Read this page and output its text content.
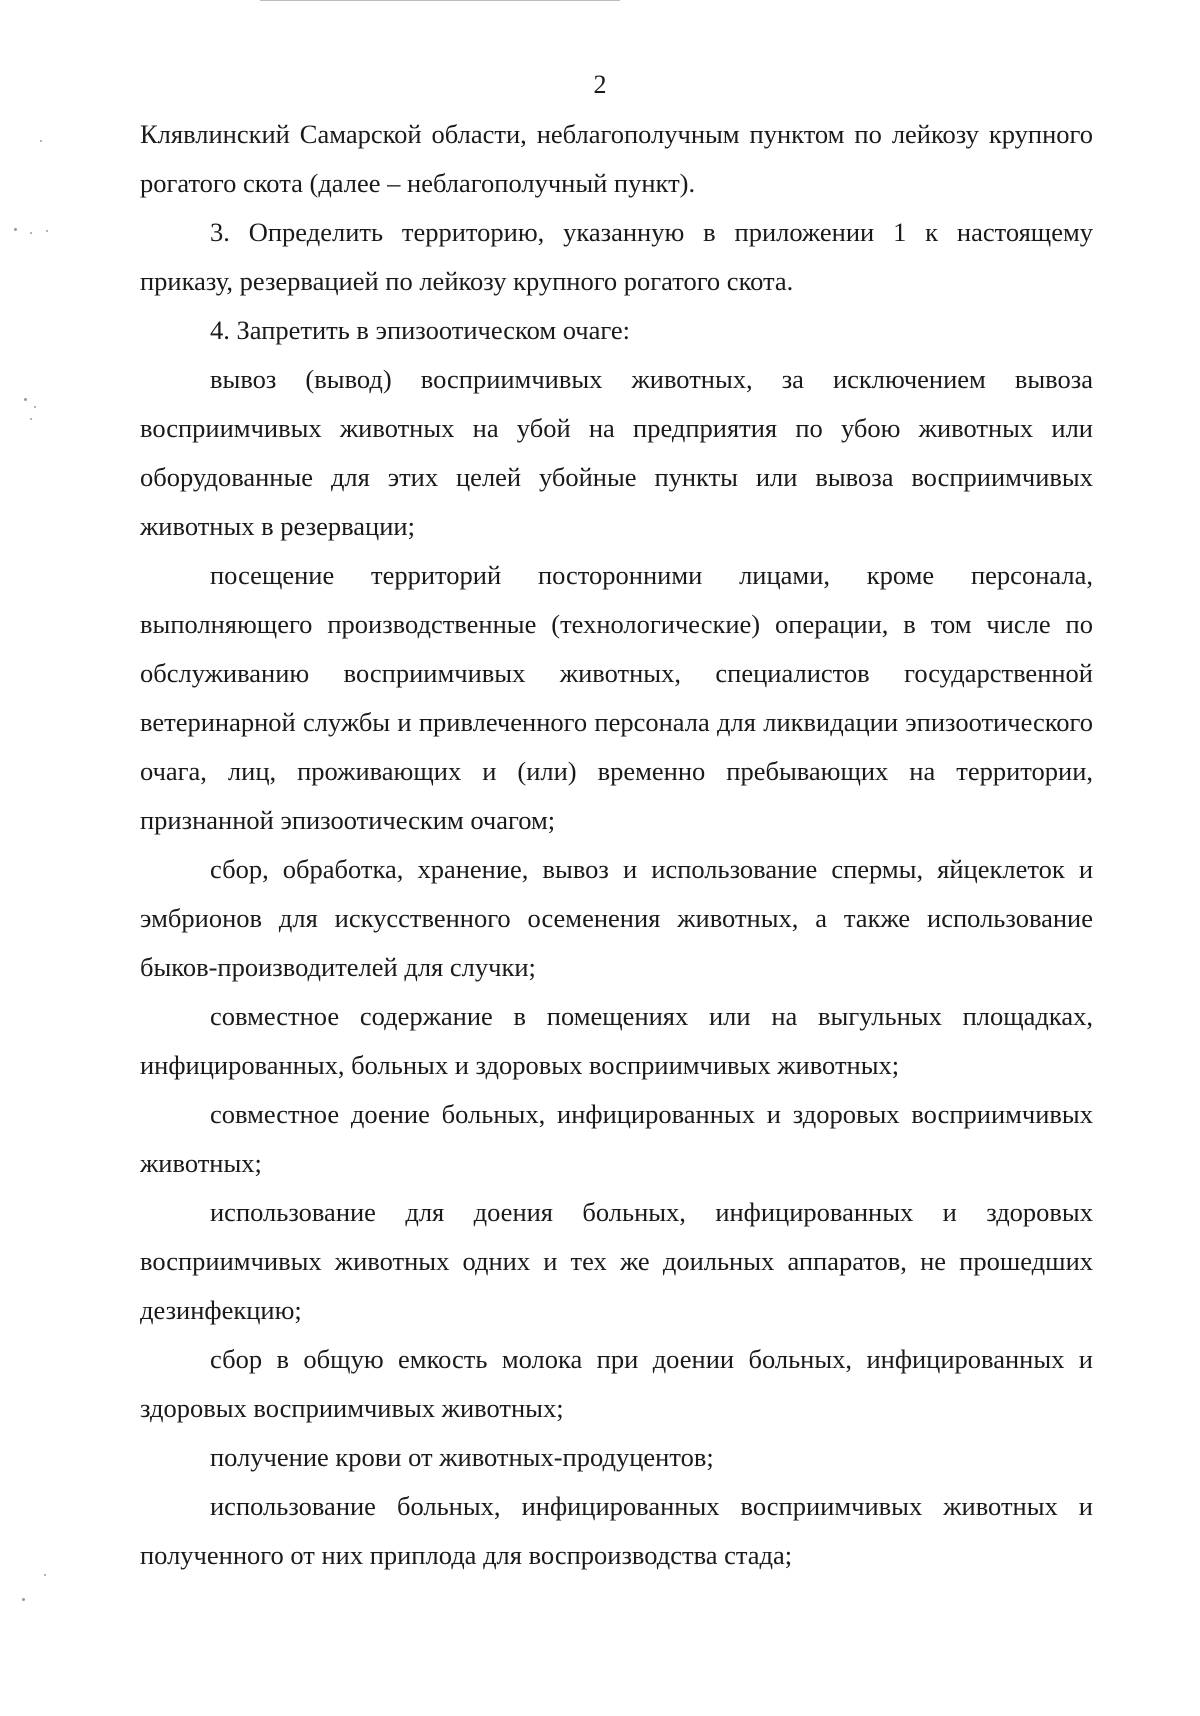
2

Клявлинский Самарской области, неблагополучным пунктом по лейкозу крупного рогатого скота (далее – неблагополучный пункт).

3. Определить территорию, указанную в приложении 1 к настоящему приказу, резервацией по лейкозу крупного рогатого скота.

4. Запретить в эпизоотическом очаге:

вывоз (вывод) восприимчивых животных, за исключением вывоза восприимчивых животных на убой на предприятия по убою животных или оборудованные для этих целей убойные пункты или вывоза восприимчивых животных в резервации;

посещение территорий посторонними лицами, кроме персонала, выполняющего производственные (технологические) операции, в том числе по обслуживанию восприимчивых животных, специалистов государственной ветеринарной службы и привлеченного персонала для ликвидации эпизоотического очага, лиц, проживающих и (или) временно пребывающих на территории, признанной эпизоотическим очагом;

сбор, обработка, хранение, вывоз и использование спермы, яйцеклеток и эмбрионов для искусственного осеменения животных, а также использование быков-производителей для случки;

совместное содержание в помещениях или на выгульных площадках, инфицированных, больных и здоровых восприимчивых животных;

совместное доение больных, инфицированных и здоровых восприимчивых животных;

использование для доения больных, инфицированных и здоровых восприимчивых животных одних и тех же доильных аппаратов, не прошедших дезинфекцию;

сбор в общую емкость молока при доении больных, инфицированных и здоровых восприимчивых животных;

получение крови от животных-продуцентов;

использование больных, инфицированных восприимчивых животных и полученного от них приплода для воспроизводства стада;
